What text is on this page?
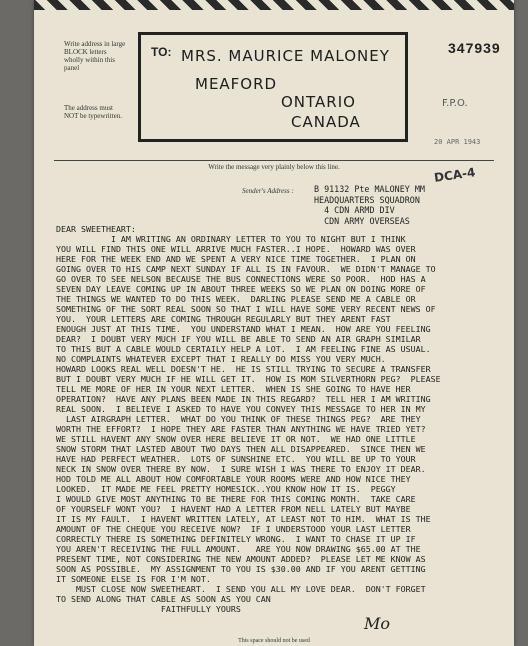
Write address in large BLOCK letters wholly within this panel
The address must NOT be typewritten.
TO: MRS. MAURICE MALONEY
MEAFORD
ONTARIO
CANADA
347939
F.P.O.
20 APR 1943
Write the message very plainly below this line.	DCA-4
Sender's Address : B 91132 Pte MALONEY MM
HEADQUARTERS SQUADRON
4 CDN ARMD DIV
CDN ARMY OVERSEAS
DEAR SWEETHEART:
I AM WRITING AN ORDINARY LETTER TO YOU TO NIGHT BUT I THINK
YOU WILL FIND THIS ONE WILL ARRIVE MUCH FASTER..I HOPE.  HOWARD WAS OVER
HERE FOR THE WEEK END AND WE SPENT A VERY NICE TIME TOGETHER.  I PLAN ON
GOING OVER TO HIS CAMP NEXT SUNDAY IF ALL IS IN FAVOUR.  WE DIDN'T MANAGE TO
GO OVER TO SEE NELSON BECAUSE THE BUS CONNECTIONS WERE SO POOR.  HOD HAS A
SEVEN DAY LEAVE COMING UP IN ABOUT THREE WEEKS SO WE PLAN ON DOING MORE OF
THE THINGS WE WANTED TO DO THIS WEEK.  DARLING PLEASE SEND ME A CABLE OR
SOMETHING OF THE SORT REAL SOON SO THAT I WILL HAVE SOME VERY RECENT NEWS OF
YOU.  YOUR LETTERS ARE COMING THROUGH REGULARLY BUT THEY ARENT FAST
ENOUGH JUST AT THIS TIME.  YOU UNDERSTAND WHAT I MEAN.  HOW ARE YOU FEELING
DEAR?  I DOUBT VERY MUCH IF YOU WILL BE ABLE TO SEND AN AIR GRAPH SIMILAR
TO THIS BUT A CABLE WOULD CERTAILY HELP A LOT.  I AM FEELING FINE AS USUAL.
NO COMPLAINTS WHATEVER EXCEPT THAT I REALLY DO MISS YOU VERY MUCH.
HOWARD LOOKS REAL WELL DOESN'T HE.  HE IS STILL TRYING TO SECURE A TRANSFER
BUT I DOUBT VERY MUCH IF HE WILL GET IT.  HOW IS MOM SILVERTHORN PEG?  PLEASE
TELL ME MORE OF HER IN YOUR NEXT LETTER.  WHEN IS SHE GOING TO HAVE HER
OPERATION?  HAVE ANY PLANS BEEN MADE IN THIS REGARD?  TELL HER I AM WRITING
REAL SOON.  I BELIEVE I ASKED TO HAVE YOU CONVEY THIS MESSAGE TO HER IN MY
LAST AIRGRAPH LETTER.  WHAT DO YOU THINK OF THESE THINGS PEG?  ARE THEY
WORTH THE EFFORT?  I HOPE THEY ARE FASTER THAN ANYTHING WE HAVE TRIED YET?
WE STILL HAVENT ANY SNOW OVER HERE BELIEVE IT OR NOT.  WE HAD ONE LITTLE
SNOW STORM THAT LASTED ABOUT TWO DAYS THEN ALL DISAPPEARED.  SINCE THEN WE
HAVE HAD PERFECT WEATHER.  LOTS OF SUNSHINE ETC.  YOU WILL BE UP TO YOUR
NECK IN SNOW OVER THERE BY NOW.  I SURE WISH I WAS THERE TO ENJOY IT DEAR.
HOD TOLD ME ALL ABOUT HOW COMFORTABLE YOUR ROOMS WERE AND HOW NICE THEY
LOOKED.  IT MADE ME FEEL PRETTY HOMESICK..YOU KNOW HOW IT IS.  PEGGY
I WOULD GIVE MOST ANYTHING TO BE THERE FOR THIS COMING MONTH.  TAKE CARE
OF YOURSELF WONT YOU?  I HAVENT HAD A LETTER FROM NELL LATELY BUT MAYBE
IT IS MY FAULT.  I HAVENT WRITTEN LATELY, AT LEAST NOT TO HIM.  WHAT IS THE
AMOUNT OF THE CHEQUE YOU RECEIVE NOW?  IF I UNDERSTOOD YOUR LAST LETTER
CORRECTLY THERE IS SOMETHING DEFINITELY WRONG.  I WANT TO CHASE IT UP IF
YOU AREN'T RECEIVING THE FULL AMOUNT.   ARE YOU NOW DRAWING $65.00 AT THE
PRESENT TIME, NOT CONSIDERING THE NEW AMOUNT ADDED?  PLEASE LET ME KNOW AS
SOON AS POSSIBLE.  MY ASSIGNMENT TO YOU IS $30.00 AND IF YOU ARENT GETTING
IT SOMEONE ELSE IS FOR I'M NOT.
MUST CLOSE NOW SWEETHEART.  I SEND YOU ALL MY LOVE DEAR.  DON'T FORGET
TO SEND ALONG THAT CABLE AS SOON AS YOU CAN
FAITHFULLY YOURS
Mo
This space should not be used
